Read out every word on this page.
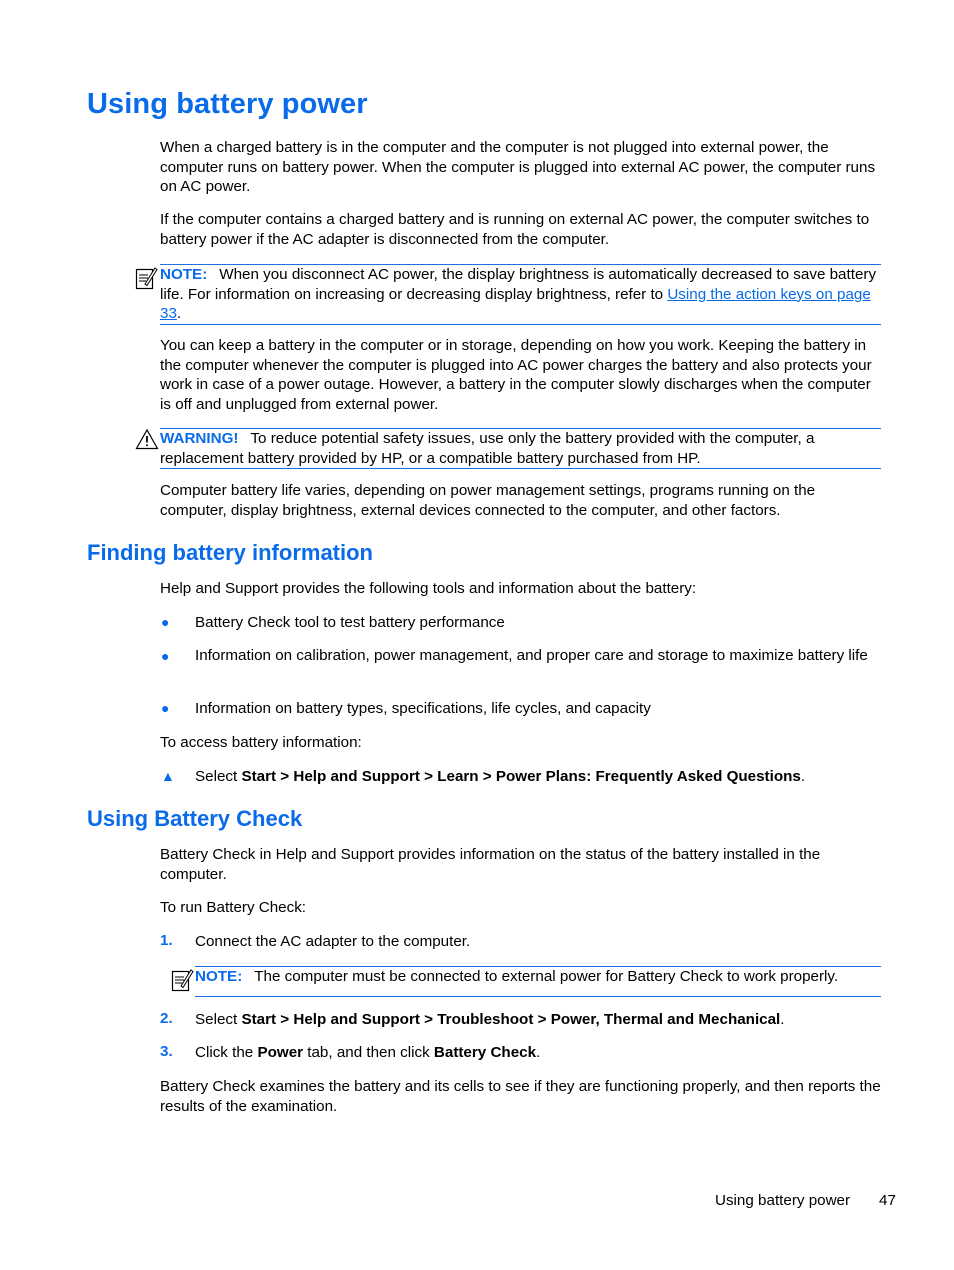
Using battery power

When a charged battery is in the computer and the computer is not plugged into external power, the computer runs on battery power. When the computer is plugged into external AC power, the computer runs on AC power.

If the computer contains a charged battery and is running on external AC power, the computer switches to battery power if the AC adapter is disconnected from the computer.

NOTE: When you disconnect AC power, the display brightness is automatically decreased to save battery life. For information on increasing or decreasing display brightness, refer to Using the action keys on page 33.

You can keep a battery in the computer or in storage, depending on how you work. Keeping the battery in the computer whenever the computer is plugged into AC power charges the battery and also protects your work in case of a power outage. However, a battery in the computer slowly discharges when the computer is off and unplugged from external power.

WARNING! To reduce potential safety issues, use only the battery provided with the computer, a replacement battery provided by HP, or a compatible battery purchased from HP.

Computer battery life varies, depending on power management settings, programs running on the computer, display brightness, external devices connected to the computer, and other factors.

Finding battery information

Help and Support provides the following tools and information about the battery:

● Battery Check tool to test battery performance
● Information on calibration, power management, and proper care and storage to maximize battery life
● Information on battery types, specifications, life cycles, and capacity

To access battery information:

▲ Select Start > Help and Support > Learn > Power Plans: Frequently Asked Questions.
Using Battery Check

Battery Check in Help and Support provides information on the status of the battery installed in the computer.

To run Battery Check:

1. Connect the AC adapter to the computer.
NOTE: The computer must be connected to external power for Battery Check to work properly.
2. Select Start > Help and Support > Troubleshoot > Power, Thermal and Mechanical.
3. Click the Power tab, and then click Battery Check.

Battery Check examines the battery and its cells to see if they are functioning properly, and then reports the results of the examination.

Using battery power 47
